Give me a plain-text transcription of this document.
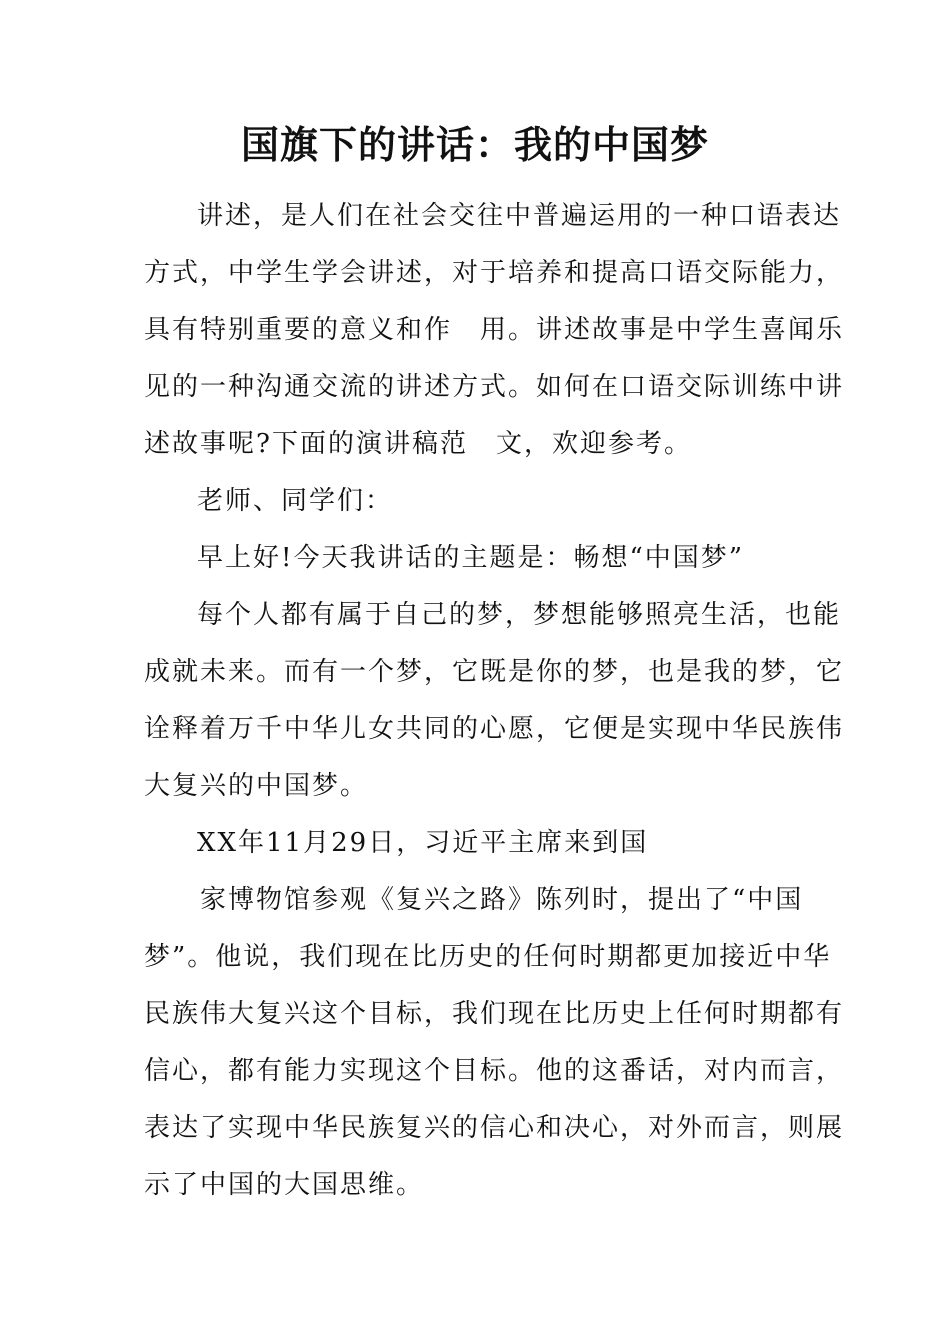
国旗下的讲话：我的中国梦
讲述，是人们在社会交往中普遍运用的一种口语表达
方式，中学生学会讲述，对于培养和提高口语交际能力，
具有特别重要的意义和作　用。讲述故事是中学生喜闻乐
见的一种沟通交流的讲述方式。如何在口语交际训练中讲
述故事呢?下面的演讲稿范　文，欢迎参考。
老师、同学们：
早上好!今天我讲话的主题是：畅想“中国梦”
每个人都有属于自己的梦，梦想能够照亮生活，也能
成就未来。而有一个梦，它既是你的梦，也是我的梦，它
诠释着万千中华儿女共同的心愿，它便是实现中华民族伟
大复兴的中国梦。
XX年11月29日，习近平主席来到国
家博物馆参观《复兴之路》陈列时，提出了“中国
梦”。他说，我们现在比历史的任何时期都更加接近中华
民族伟大复兴这个目标，我们现在比历史上任何时期都有
信心，都有能力实现这个目标。他的这番话，对内而言，
表达了实现中华民族复兴的信心和决心，对外而言，则展
示了中国的大国思维。
